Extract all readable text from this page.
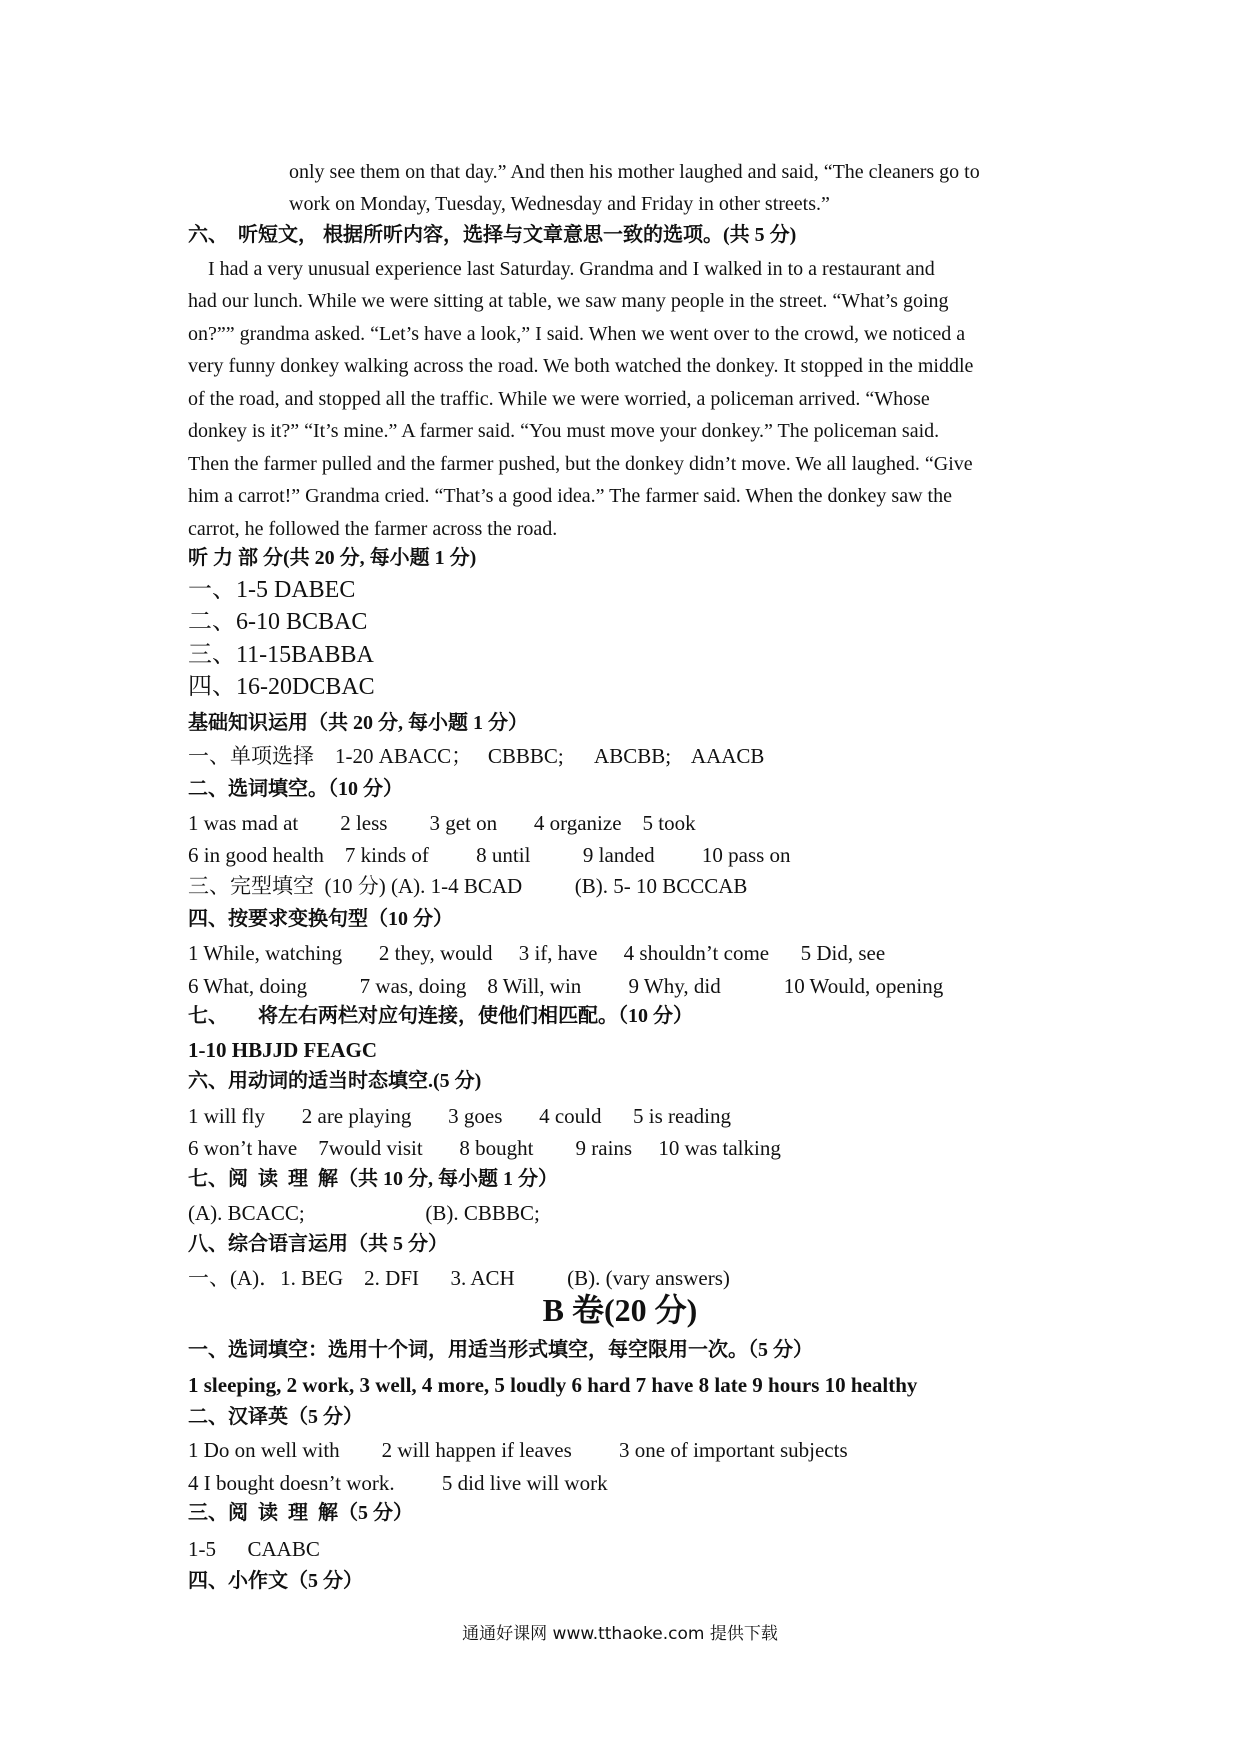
only see them on that day.” And then his mother laughed and said, “The cleaners go to
work on Monday, Tuesday, Wednesday and Friday in other streets.”
六、  听短文， 根据所听内容，选择与文章意思一致的选项。(共 5 分)
I had a very unusual experience last Saturday. Grandma and I walked in to a restaurant and
had our lunch. While we were sitting at table, we saw many people in the street. “What’s going
on?”” grandma asked. “Let’s have a look,” I said. When we went over to the crowd, we noticed a
very funny donkey walking across the road. We both watched the donkey. It stopped in the middle
of the road, and stopped all the traffic. While we were worried, a policeman arrived. “Whose
donkey is it?” “It’s mine.” A farmer said. “You must move your donkey.” The policeman said.
Then the farmer pulled and the farmer pushed, but the donkey didn’t move. We all laughed. “Give
him a carrot!” Grandma cried. “That’s a good idea.” The farmer said. When the donkey saw the
carrot, he followed the farmer across the road.
听 力 部 分(共 20 分, 每小题 1 分)
一、1-5 DABEC
二、6-10 BCBAC
三、11-15BABBA
四、16-20DCBAC
基础知识运用（共 20 分, 每小题 1 分）
一、单项选择    1-20 ABACC；   CBBBC;      ABCBB;    AAACB
二、选词填空。（10 分）
1 was mad at        2 less        3 get on       4 organize    5 took
6 in good health    7 kinds of         8 until          9 landed         10 pass on
三、完型填空  (10 分) (A). 1-4 BCAD          (B). 5- 10 BCCCAB
四、按要求变换句型（10 分）
1 While, watching       2 they, would     3 if, have     4 shouldn’t come      5 Did, see
6 What, doing          7 was, doing    8 Will, win         9 Why, did            10 Would, opening
七、      将左右两栏对应句连接，使他们相匹配。（10 分）
1-10 HBJJD FEAGC
六、用动词的适当时态填空.(5 分)
1 will fly       2 are playing       3 goes       4 could      5 is reading
6 won’t have    7would visit       8 bought        9 rains     10 was talking
七、阅  读  理  解（共 10 分, 每小题 1 分）
(A). BCACC;                       (B). CBBBC;
八、综合语言运用（共 5 分）
一、(A)．1. BEG    2. DFI      3. ACH          (B). (vary answers)
B 卷(20 分)
一、选词填空：选用十个词，用适当形式填空，每空限用一次。（5 分）
1 sleeping, 2 work, 3 well, 4 more, 5 loudly 6 hard 7 have 8 late 9 hours 10 healthy
二、汉译英（5 分）
1 Do on well with        2 will happen if leaves         3 one of important subjects
4 I bought doesn’t work.         5 did live will work
三、阅  读  理  解（5 分）
1-5      CAABC
四、小作文（5 分）
通通好课网 www.tthaoke.com 提供下载
